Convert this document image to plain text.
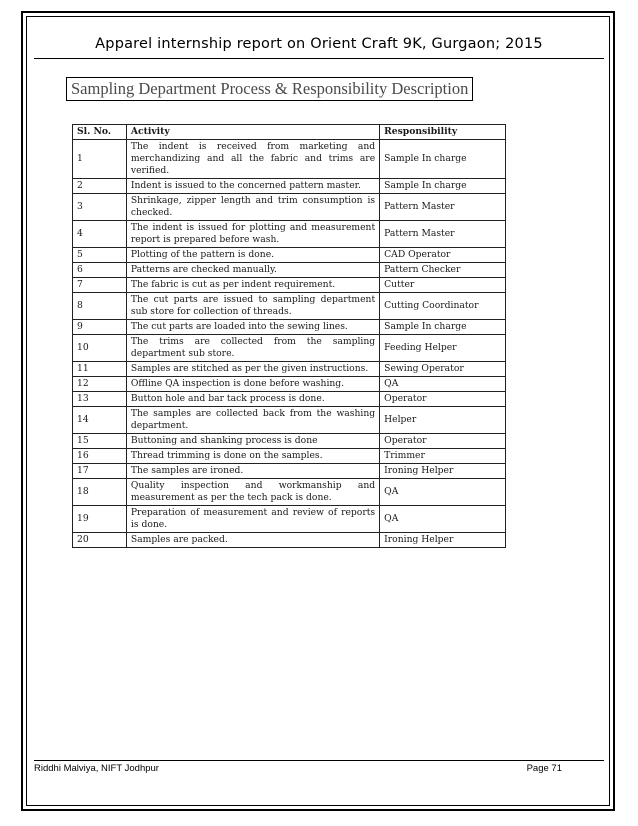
Apparel internship report on Orient Craft 9K, Gurgaon; 2015
Sampling Department Process & Responsibility Description
Sl. No.	Activity	Responsibility
1	The indent is received from marketing and merchandizing and all the fabric and trims are verified.	Sample In charge
2	Indent is issued to the concerned pattern master.	Sample In charge
3	Shrinkage, zipper length and trim consumption is checked.	Pattern Master
4	The indent is issued for plotting and measurement report is prepared before wash.	Pattern Master
5	Plotting of the pattern is done.	CAD Operator
6	Patterns are checked manually.	Pattern Checker
7	The fabric is cut as per indent requirement.	Cutter
8	The cut parts are issued to sampling department sub store for collection of threads.	Cutting Coordinator
9	The cut parts are loaded into the sewing lines.	Sample In charge
10	The trims are collected from the sampling department sub store.	Feeding Helper
11	Samples are stitched as per the given instructions.	Sewing Operator
12	Offline QA inspection is done before washing.	QA
13	Button hole and bar tack process is done.	Operator
14	The samples are collected back from the washing department.	Helper
15	Buttoning and shanking process is done	Operator
16	Thread trimming is done on the samples.	Trimmer
17	The samples are ironed.	Ironing Helper
18	Quality inspection and workmanship and measurement as per the tech pack is done.	QA
19	Preparation of measurement and review of reports is done.	QA
20	Samples are packed.	Ironing Helper
Riddhi Malviya, NIFT Jodhpur	Page 71
